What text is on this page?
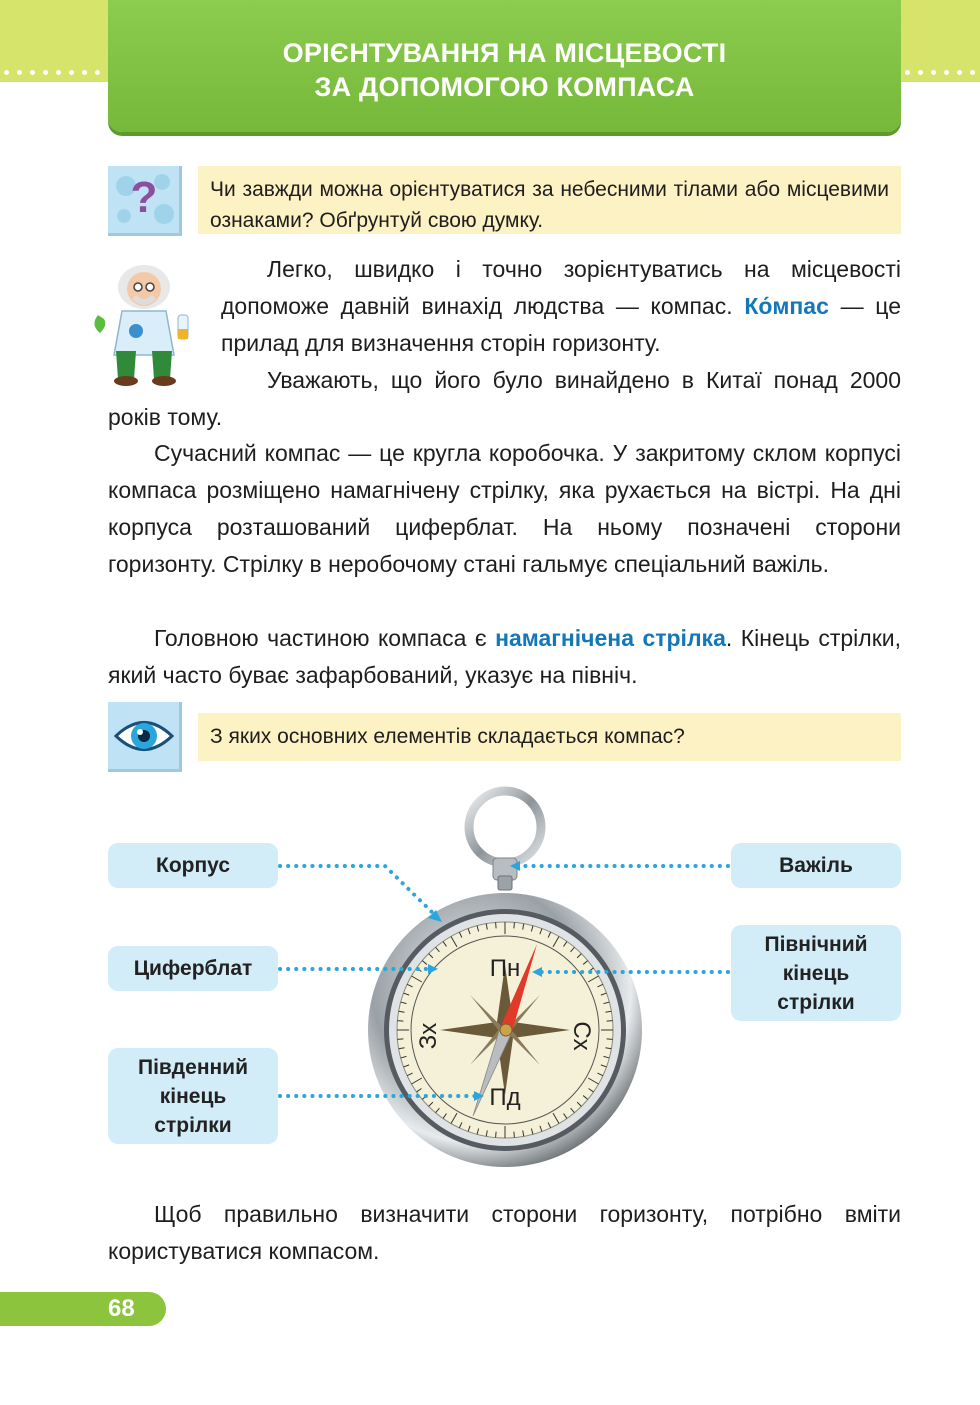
ОРІЄНТУВАННЯ НА МІСЦЕВОСТІ
ЗА ДОПОМОГОЮ КОМПАСА
?	Чи завжди можна орієнтуватися за небесними тілами або місцевими ознаками? Обґрунтуй свою думку.
Легко, швидко і точно зорієнтуватись на місцевості допоможе давній винахід людства — компас. Ко́мпас — це прилад для визначення сторін горизонту.
Уважають, що його було винайдено в Китаї понад 2000 років тому.
Сучасний компас — це кругла коробочка. У закритому склом корпусі компаса розміщено намагнічену стрілку, яка рухається на вістрі. На дні корпуса розташований циферблат. На ньому позначені сторони горизонту. Стрілку в неробочому стані гальмує спеціальний важіль.
Головною частиною компаса є намагнічена стрілка. Кінець стрілки, який часто буває зафарбований, указує на північ.
З яких основних елементів складається компас?
Корпус
Циферблат
Південний
кінець
стрілки
Важіль
Північний
кінець
стрілки
Пн
Пд
Сх
Зх
Щоб правильно визначити сторони горизонту, потрібно вміти користуватися компасом.
68
